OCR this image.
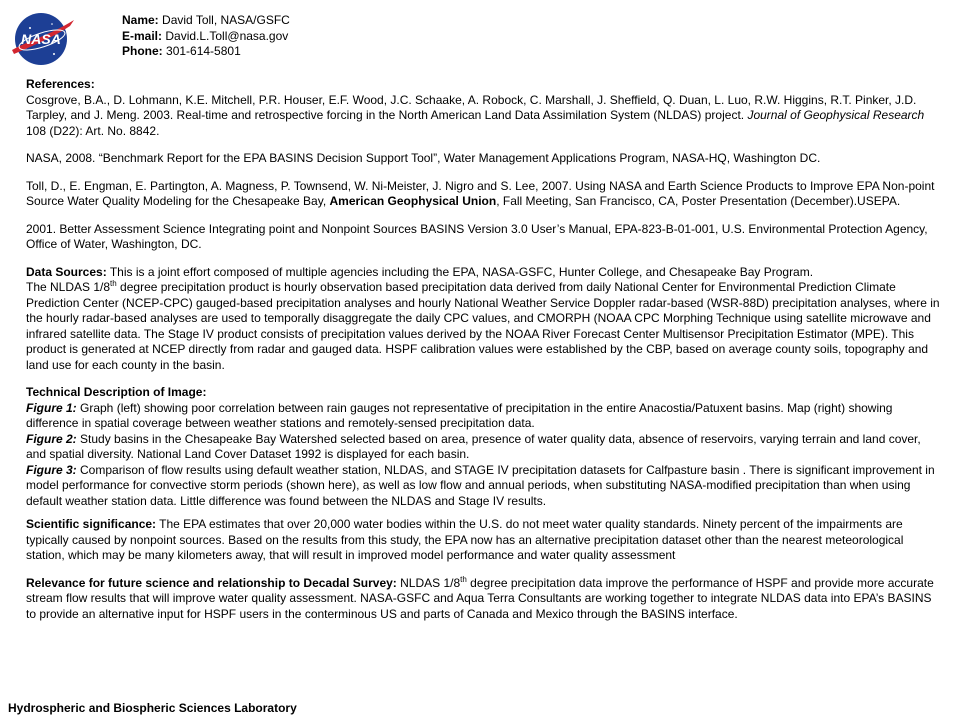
NASA
Name: David Toll, NASA/GSFC
E-mail: David.L.Toll@nasa.gov
Phone: 301-614-5801

References:

Cosgrove, B.A., D. Lohmann, K.E. Mitchell, P.R. Houser, E.F. Wood, J.C. Schaake, A. Robock, C. Marshall, J. Sheffield, Q. Duan, L. Luo, R.W. Higgins, R.T. Pinker, J.D. Tarpley, and J. Meng. 2003. Real-time and retrospective forcing in the North American Land Data Assimilation System (NLDAS) project. Journal of Geophysical Research 108 (D22): Art. No. 8842.

NASA, 2008. “Benchmark Report for the EPA BASINS Decision Support Tool”, Water Management Applications Program, NASA-HQ, Washington DC.

Toll, D., E. Engman, E. Partington, A. Magness, P. Townsend, W. Ni-Meister, J. Nigro and S. Lee, 2007. Using NASA and Earth Science Products to Improve EPA Non-point Source Water Quality Modeling for the Chesapeake Bay, American Geophysical Union, Fall Meeting, San Francisco, CA, Poster Presentation (December).USEPA.

2001. Better Assessment Science Integrating point and Nonpoint Sources BASINS Version 3.0 User’s Manual, EPA-823-B-01-001, U.S. Environmental Protection Agency, Office of Water, Washington, DC.

Data Sources: This is a joint effort composed of multiple agencies including the EPA, NASA-GSFC, Hunter College, and Chesapeake Bay Program.

The NLDAS 1/8th degree precipitation product is hourly observation based precipitation data derived from daily National Center for Environmental Prediction Climate Prediction Center (NCEP-CPC) gauged-based precipitation analyses and hourly National Weather Service Doppler radar-based (WSR-88D) precipitation analyses, where in the hourly radar-based analyses are used to temporally disaggregate the daily CPC values, and CMORPH (NOAA CPC Morphing Technique using satellite microwave and infrared satellite data. The Stage IV product consists of precipitation values derived by the NOAA River Forecast Center Multisensor Precipitation Estimator (MPE). This product is generated at NCEP directly from radar and gauged data. HSPF calibration values were established by the CBP, based on average county soils, topography and land use for each county in the basin.

Technical Description of Image:

Figure 1: Graph (left) showing poor correlation between rain gauges not representative of precipitation in the entire Anacostia/Patuxent basins. Map (right) showing difference in spatial coverage between weather stations and remotely-sensed precipitation data.

Figure 2: Study basins in the Chesapeake Bay Watershed selected based on area, presence of water quality data, absence of reservoirs, varying terrain and land cover, and spatial diversity. National Land Cover Dataset 1992 is displayed for each basin.

Figure 3: Comparison of flow results using default weather station, NLDAS, and STAGE IV precipitation datasets for Calfpasture basin . There is significant improvement in model performance for convective storm periods (shown here), as well as low flow and annual periods, when substituting NASA-modified precipitation than when using default weather station data. Little difference was found between the NLDAS and Stage IV results.

Scientific significance: The EPA estimates that over 20,000 water bodies within the U.S. do not meet water quality standards. Ninety percent of the impairments are typically caused by nonpoint sources. Based on the results from this study, the EPA now has an alternative precipitation dataset other than the nearest meteorological station, which may be many kilometers away, that will result in improved model performance and water quality assessment

Relevance for future science and relationship to Decadal Survey: NLDAS 1/8th degree precipitation data improve the performance of HSPF and provide more accurate stream flow results that will improve water quality assessment. NASA-GSFC and Aqua Terra Consultants are working together to integrate NLDAS data into EPA’s BASINS to provide an alternative input for HSPF users in the conterminous US and parts of Canada and Mexico through the BASINS interface.

Hydrospheric and Biospheric Sciences Laboratory
